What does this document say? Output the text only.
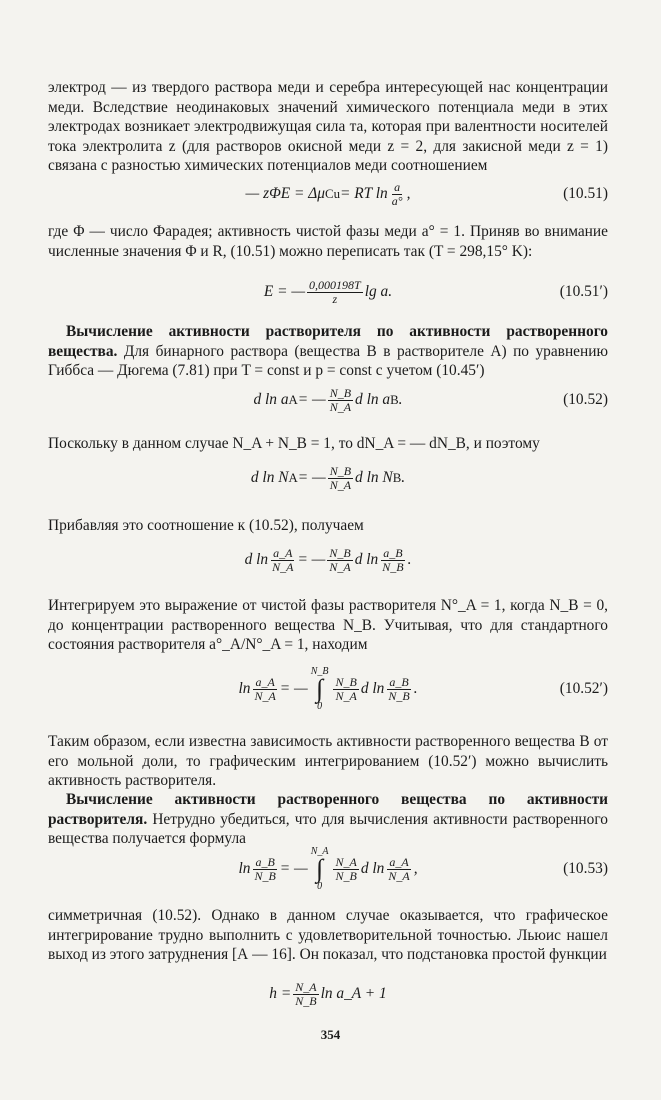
электрод — из твердого раствора меди и серебра интересующей нас концентрации меди. Вследствие неодинаковых значений химического потенциала меди в этих электродах возникает электродвижущая сила та, которая при валентности носителей тока электролита z (для растворов окисной меди z = 2, для закисной меди z = 1) связана с разностью химических потенциалов меди соотношением

— zΦE = Δμ Cu = RT $\ln \frac{a}{a^\circ}$ ,	(10.51)

где Φ — число Фарадея; активность чистой фазы меди a° = 1. Приняв во внимание численные значения Φ и R, (10.51) можно переписать так (T = 298,15° K):

E = — $\frac{0,000198T}{z}$ lg a.	(10.51′)

Вычисление активности растворителя по активности растворенного вещества. Для бинарного раствора (вещества B в растворителе A) по уравнению Гиббса — Дюгема (7.81) при T = const и p = const с учетом (10.45′)

d ln a A = — $\frac{N\_B}{N\_A}$ d ln a B .	(10.52)

Поскольку в данном случае N_A + N_B = 1, то dN_A = — dN_B, и поэтому

d ln N A = — $\frac{N\_B}{N\_A}$ d ln N B .

Прибавляя это соотношение к (10.52), получаем

d $\ln \frac{a\_A}{N\_A}$ = — $\frac{N\_B}{N\_A}$ d $\ln \frac{a\_B}{N\_B}$ .

Интегрируем это выражение от чистой фазы растворителя N°_A = 1, когда N_B = 0, до концентрации растворенного вещества N_B. Учитывая, что для стандартного состояния растворителя a°_A/N°_A = 1, находим

$\ln \frac{a\_A}{N\_A}$ = —
N_B
∫
0
$\frac{N\_B}{N\_A}$ d $\ln \frac{a\_B}{N\_B}$ .	(10.52′)

Таким образом, если известна зависимость активности растворенного вещества B от его мольной доли, то графическим интегрированием (10.52′) можно вычислить активность растворителя.

Вычисление активности растворенного вещества по активности растворителя. Нетрудно убедиться, что для вычисления активности растворенного вещества получается формула

$\ln \frac{a\_B}{N\_B}$ = —
N_A
∫
0
$\frac{N\_A}{N\_B}$ d $\ln \frac{a\_A}{N\_A}$ ,	(10.53)

симметричная (10.52). Однако в данном случае оказывается, что графическое интегрирование трудно выполнить с удовлетворительной точностью. Льюис нашел выход из этого затруднения [А — 16]. Он показал, что подстановка простой функции

$h = \frac{N\_A}{N\_B}$ ln a_A + 1
354
